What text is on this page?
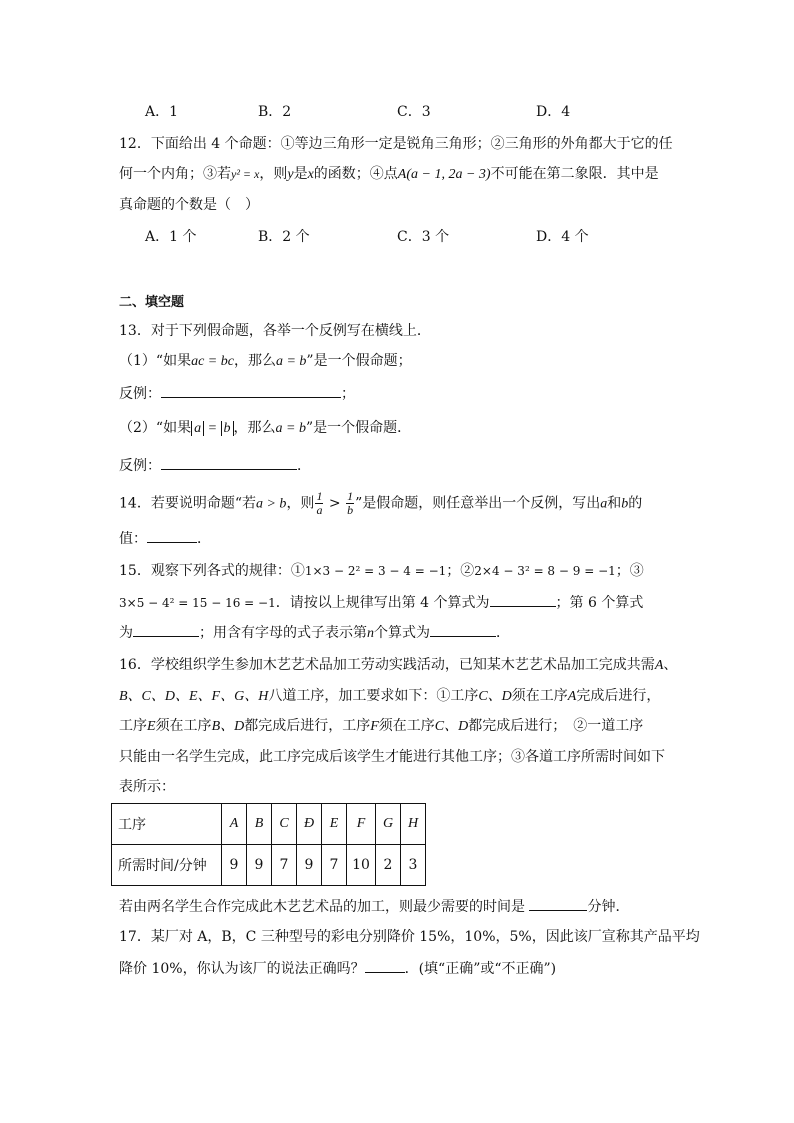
A．1	B．2	C．3	D．4
12．下面给出 4 个命题：①等边三角形一定是锐角三角形；②三角形的外角都大于它的任
何一个内角；③若y² = x，则y是x的函数；④点A(a − 1, 2a − 3)不可能在第二象限．其中是
真命题的个数是（　）
A．1 个	B．2 个	C．3 个	D．4 个
二、填空题
13．对于下列假命题，各举一个反例写在横线上．
（1）“如果ac = bc，那么a = b”是一个假命题；
反例：	；
（2）“如果 a = b ，那么a = b”是一个假命题．
反例：	．
14．若要说明命题“若a > b，则 $\frac{1}{a} > \frac{1}{b}$ ”是假命题，则任意举出一个反例，写出a和b的
值：	．
15．观察下列各式的规律：①1×3 − 2² = 3 − 4 = −1；②2×4 − 3² = 8 − 9 = −1；③
3×5 − 4² = 15 − 16 = −1．请按以上规律写出第 4 个算式为	；第 6 个算式
为	；用含有字母的式子表示第n个算式为	．
16．学校组织学生参加木艺艺术品加工劳动实践活动，已知某木艺艺术品加工完成共需A、
B、C、D、E、F、G、H八道工序，加工要求如下：①工序C、D须在工序A完成后进行，
工序E须在工序B、D都完成后进行，工序F须在工序C、D都完成后进行；　②一道工序
只能由一名学生完成，此工序完成后该学生才能进行其他工序；③各道工序所需时间如下
表所示：
工序	A	B	C	Đ	E	F	G	H
所需时间/分钟	9	9	7	9	7	10	2	3
若由两名学生合作完成此木艺艺术品的加工，则最少需要的时间是	分钟．
17．某厂对 A，B，C 三种型号的彩电分别降价 15%，10%，5%，因此该厂宣称其产品平均
降价 10%，你认为该厂的说法正确吗？	．(填“正确”或“不正确”)
